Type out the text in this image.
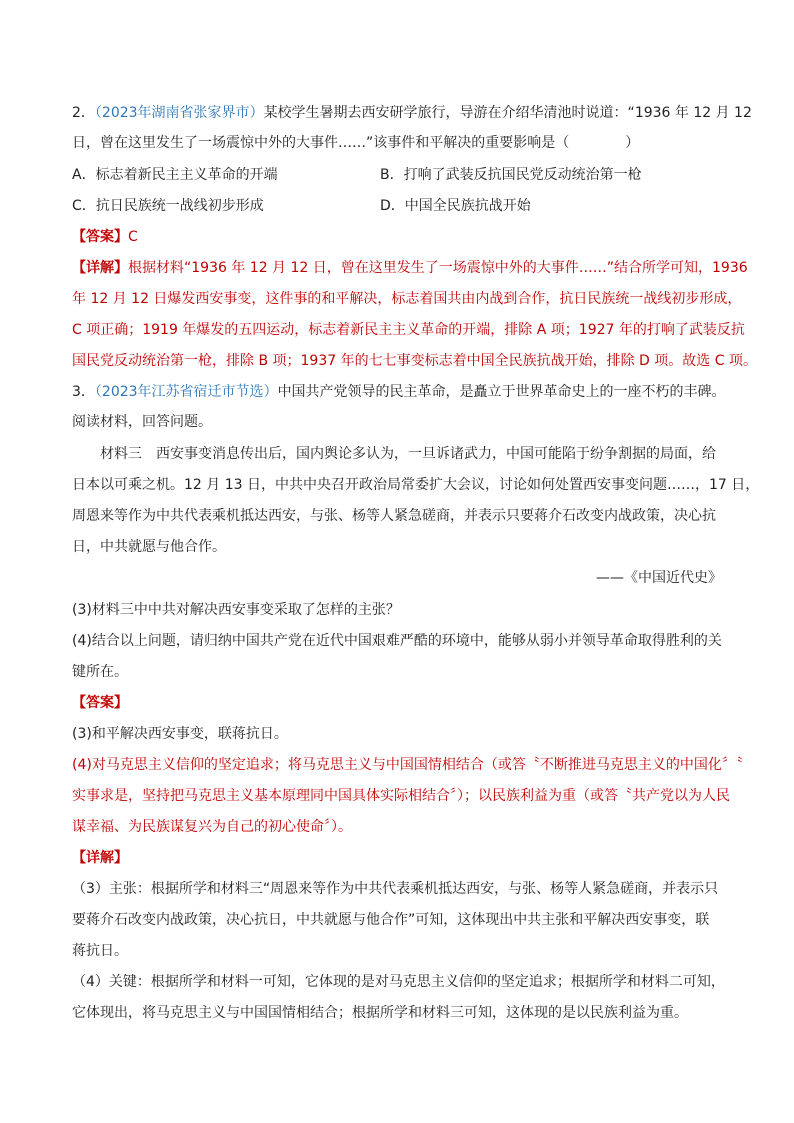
2．（2023年湖南省张家界市）某校学生暑期去西安研学旅行，导游在介绍华清池时说道：“1936 年 12 月 12
日，曾在这里发生了一场震惊中外的大事件……”该事件和平解决的重要影响是（　　　　）
A．标志着新民主主义革命的开端	B．打响了武装反抗国民党反动统治第一枪
C．抗日民族统一战线初步形成	D．中国全民族抗战开始
【答案】C
【详解】根据材料“1936 年 12 月 12 日，曾在这里发生了一场震惊中外的大事件……”结合所学可知，1936
年 12 月 12 日爆发西安事变，这件事的和平解决，标志着国共由内战到合作，抗日民族统一战线初步形成，
C 项正确；1919 年爆发的五四运动，标志着新民主主义革命的开端，排除 A 项；1927 年的打响了武装反抗
国民党反动统治第一枪，排除 B 项；1937 年的七七事变标志着中国全民族抗战开始，排除 D 项。故选 C 项。
3．（2023年江苏省宿迁市节选）中国共产党领导的民主革命，是矗立于世界革命史上的一座不朽的丰碑。
阅读材料，回答问题。
材料三　西安事变消息传出后，国内舆论多认为，一旦诉诸武力，中国可能陷于纷争割据的局面，给
日本以可乘之机。12 月 13 日，中共中央召开政治局常委扩大会议，讨论如何处置西安事变问题……，17 日，
周恩来等作为中共代表乘机抵达西安，与张、杨等人紧急磋商，并表示只要蒋介石改变内战政策，决心抗
日，中共就愿与他合作。
——《中国近代史》
(3)材料三中中共对解决西安事变采取了怎样的主张？
(4)结合以上问题，请归纳中国共产党在近代中国艰难严酷的环境中，能够从弱小并领导革命取得胜利的关
键所在。
【答案】
(3)和平解决西安事变，联蒋抗日。
(4)对马克思主义信仰的坚定追求；将马克思主义与中国国情相结合（或答〝不断推进马克思主义的中国化〞〝
实事求是，坚持把马克思主义基本原理同中国具体实际相结合〞）；以民族利益为重（或答〝共产党以为人民
谋幸福、为民族谋复兴为自己的初心使命〞）。
【详解】
（3）主张：根据所学和材料三“周恩来等作为中共代表乘机抵达西安，与张、杨等人紧急磋商，并表示只
要蒋介石改变内战政策，决心抗日，中共就愿与他合作”可知，这体现出中共主张和平解决西安事变，联
蒋抗日。
（4）关键：根据所学和材料一可知，它体现的是对马克思主义信仰的坚定追求；根据所学和材料二可知，
它体现出，将马克思主义与中国国情相结合；根据所学和材料三可知，这体现的是以民族利益为重。
